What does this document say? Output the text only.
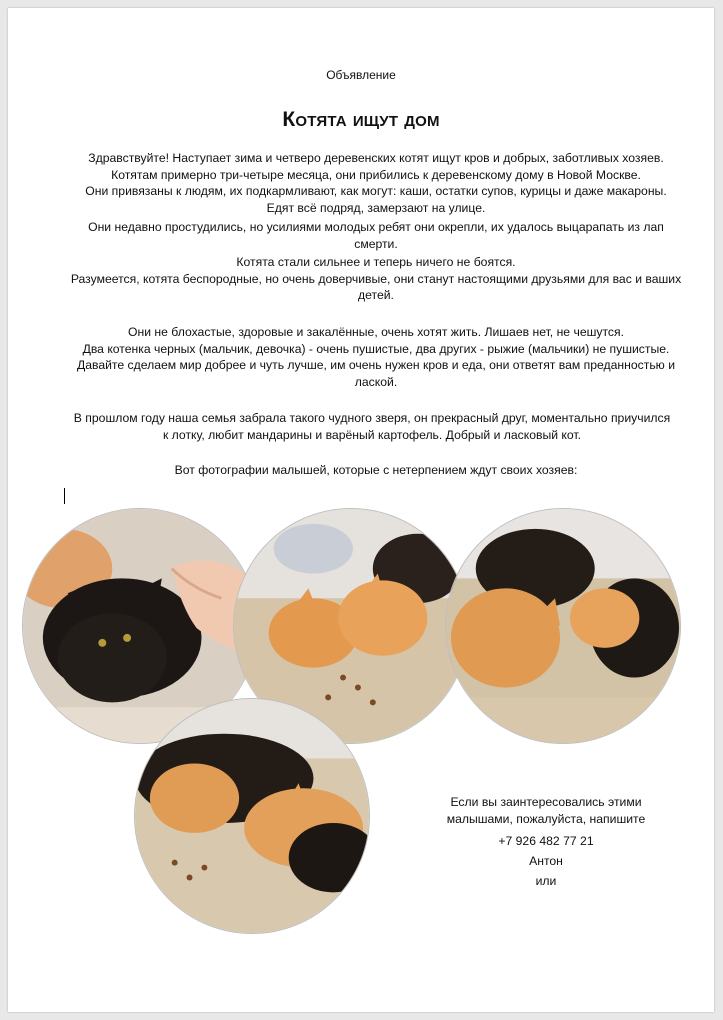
Объявление
Котята ищут дом
Здравствуйте! Наступает зима и четверо деревенских котят ищут кров и добрых, заботливых хозяев.
Котятам примерно три-четыре месяца, они прибились к деревенскому дому в Новой Москве.
Они привязаны к людям, их подкармливают, как могут: каши, остатки супов, курицы и даже макароны.
Едят всё подряд, замерзают на улице.
Они недавно простудились, но усилиями молодых ребят они окрепли, их удалось выцарапать из лап смерти.
Котята стали сильнее и теперь ничего не боятся.
Разумеется, котята беспородные, но очень доверчивые, они станут настоящими друзьями для вас и ваших детей.
Они не блохастые, здоровые и закалённые, очень хотят жить. Лишаев нет, не чешутся.
Два котенка черных (мальчик, девочка) - очень пушистые, два других - рыжие (мальчики) не пушистые.
Давайте сделаем мир добрее и чуть лучше, им очень нужен кров и еда, они ответят вам преданностью и лаской.
В прошлом году наша семья забрала такого чудного зверя, он прекрасный друг, моментально приучился к лотку, любит мандарины и варёный картофель. Добрый и ласковый кот.
Вот фотографии малышей, которые с нетерпением ждут своих хозяев:
Если вы заинтересовались этими малышами, пожалуйста, напишите
+7 926 482 77 21
Антон
или
